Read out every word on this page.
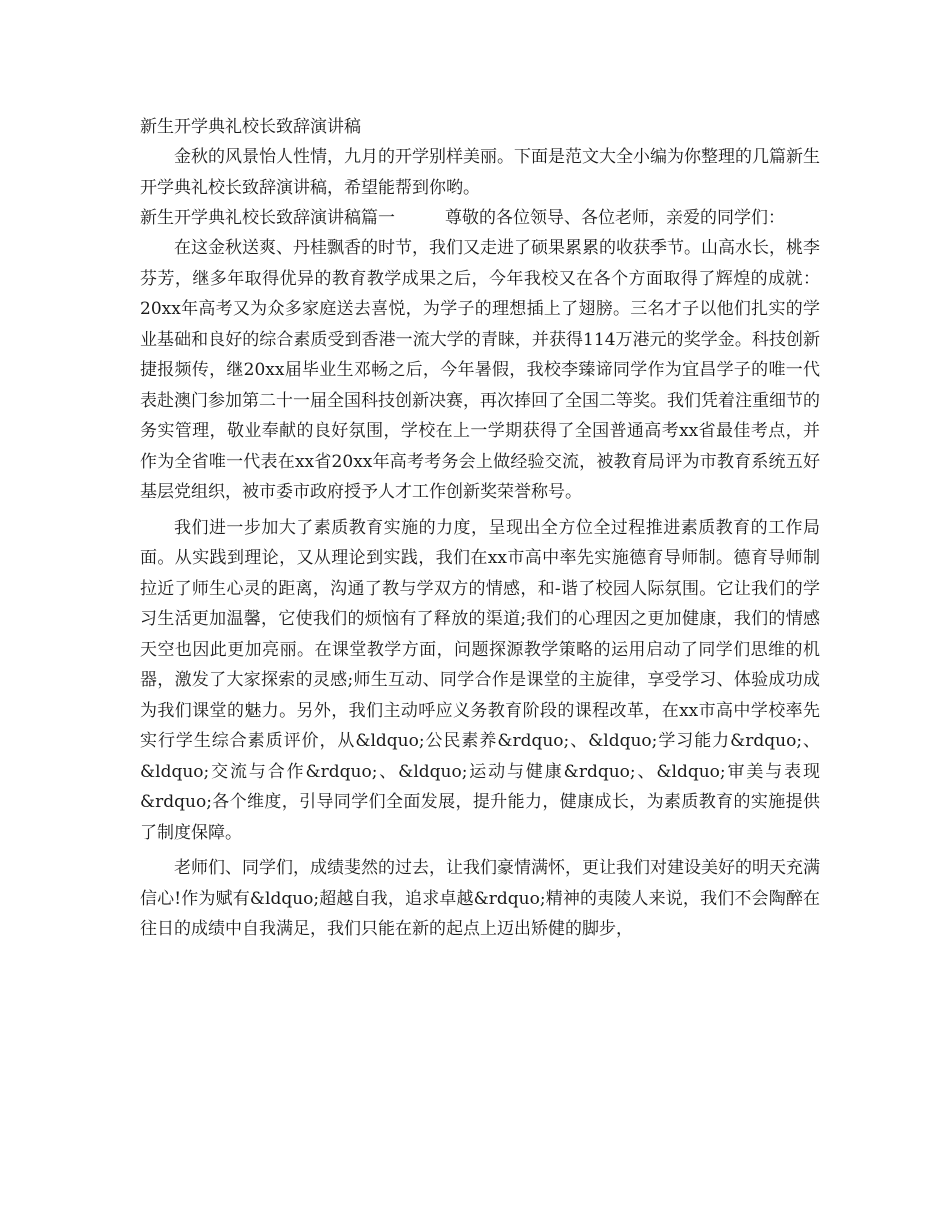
新生开学典礼校长致辞演讲稿

金秋的风景怡人性情，九月的开学别样美丽。下面是范文大全小编为你整理的几篇新生开学典礼校长致辞演讲稿，希望能帮到你哟。

新生开学典礼校长致辞演讲稿篇一	尊敬的各位领导、各位老师，亲爱的同学们：

在这金秋送爽、丹桂飘香的时节，我们又走进了硕果累累的收获季节。山高水长，桃李芬芳，继多年取得优异的教育教学成果之后，今年我校又在各个方面取得了辉煌的成就：20xx年高考又为众多家庭送去喜悦，为学子的理想插上了翅膀。三名才子以他们扎实的学业基础和良好的综合素质受到香港一流大学的青睐，并获得114万港元的奖学金。科技创新捷报频传，继20xx届毕业生邓畅之后，今年暑假，我校李臻谛同学作为宜昌学子的唯一代表赴澳门参加第二十一届全国科技创新决赛，再次捧回了全国二等奖。我们凭着注重细节的务实管理，敬业奉献的良好氛围，学校在上一学期获得了全国普通高考xx省最佳考点，并作为全省唯一代表在xx省20xx年高考考务会上做经验交流，被教育局评为市教育系统五好基层党组织，被市委市政府授予人才工作创新奖荣誉称号。

我们进一步加大了素质教育实施的力度，呈现出全方位全过程推进素质教育的工作局面。从实践到理论，又从理论到实践，我们在xx市高中率先实施德育导师制。德育导师制拉近了师生心灵的距离，沟通了教与学双方的情感，和-谐了校园人际氛围。它让我们的学习生活更加温馨，它使我们的烦恼有了释放的渠道;我们的心理因之更加健康，我们的情感天空也因此更加亮丽。在课堂教学方面，问题探源教学策略的运用启动了同学们思维的机器，激发了大家探索的灵感;师生互动、同学合作是课堂的主旋律，享受学习、体验成功成为我们课堂的魅力。另外，我们主动呼应义务教育阶段的课程改革，在xx市高中学校率先实行学生综合素质评价，从&ldquo;公民素养&rdquo;、&ldquo;学习能力&rdquo;、&ldquo;交流与合作&rdquo;、&ldquo;运动与健康&rdquo;、&ldquo;审美与表现&rdquo;各个维度，引导同学们全面发展，提升能力，健康成长，为素质教育的实施提供了制度保障。

老师们、同学们，成绩斐然的过去，让我们豪情满怀，更让我们对建设美好的明天充满信心!作为赋有&ldquo;超越自我，追求卓越&rdquo;精神的夷陵人来说，我们不会陶醉在往日的成绩中自我满足，我们只能在新的起点上迈出矫健的脚步，
